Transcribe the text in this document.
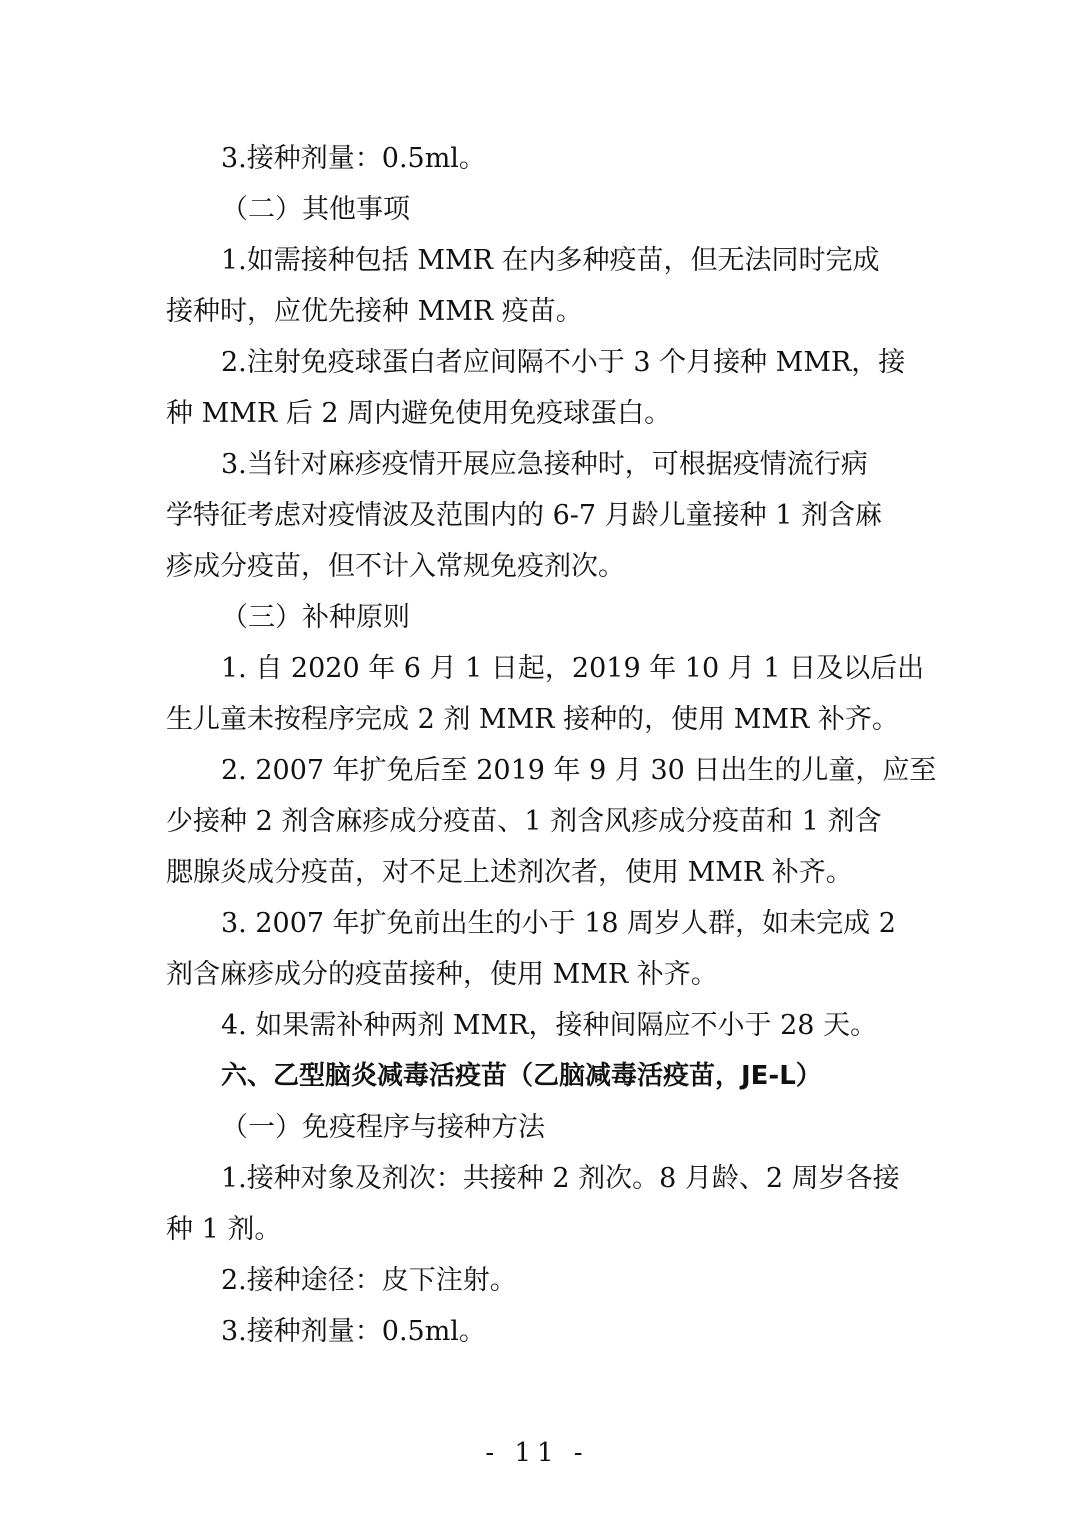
3.接种剂量：0.5ml。

（二）其他事项

1.如需接种包括 MMR 在内多种疫苗，但无法同时完成

接种时，应优先接种 MMR 疫苗。

2.注射免疫球蛋白者应间隔不小于 3 个月接种 MMR，接

种 MMR 后 2 周内避免使用免疫球蛋白。

3.当针对麻疹疫情开展应急接种时，可根据疫情流行病

学特征考虑对疫情波及范围内的 6-7 月龄儿童接种 1 剂含麻

疹成分疫苗，但不计入常规免疫剂次。

（三）补种原则

1. 自 2020 年 6 月 1 日起，2019 年 10 月 1 日及以后出

生儿童未按程序完成 2 剂 MMR 接种的，使用 MMR 补齐。

2. 2007 年扩免后至 2019 年 9 月 30 日出生的儿童，应至

少接种 2 剂含麻疹成分疫苗、1 剂含风疹成分疫苗和 1 剂含

腮腺炎成分疫苗，对不足上述剂次者，使用 MMR 补齐。

3. 2007 年扩免前出生的小于 18 周岁人群，如未完成 2

剂含麻疹成分的疫苗接种，使用 MMR 补齐。

4. 如果需补种两剂 MMR，接种间隔应不小于 28 天。

六、乙型脑炎减毒活疫苗（乙脑减毒活疫苗，JE-L）

（一）免疫程序与接种方法

1.接种对象及剂次：共接种 2 剂次。8 月龄、2 周岁各接

种 1 剂。

2.接种途径：皮下注射。

3.接种剂量：0.5ml。

- 11 -
